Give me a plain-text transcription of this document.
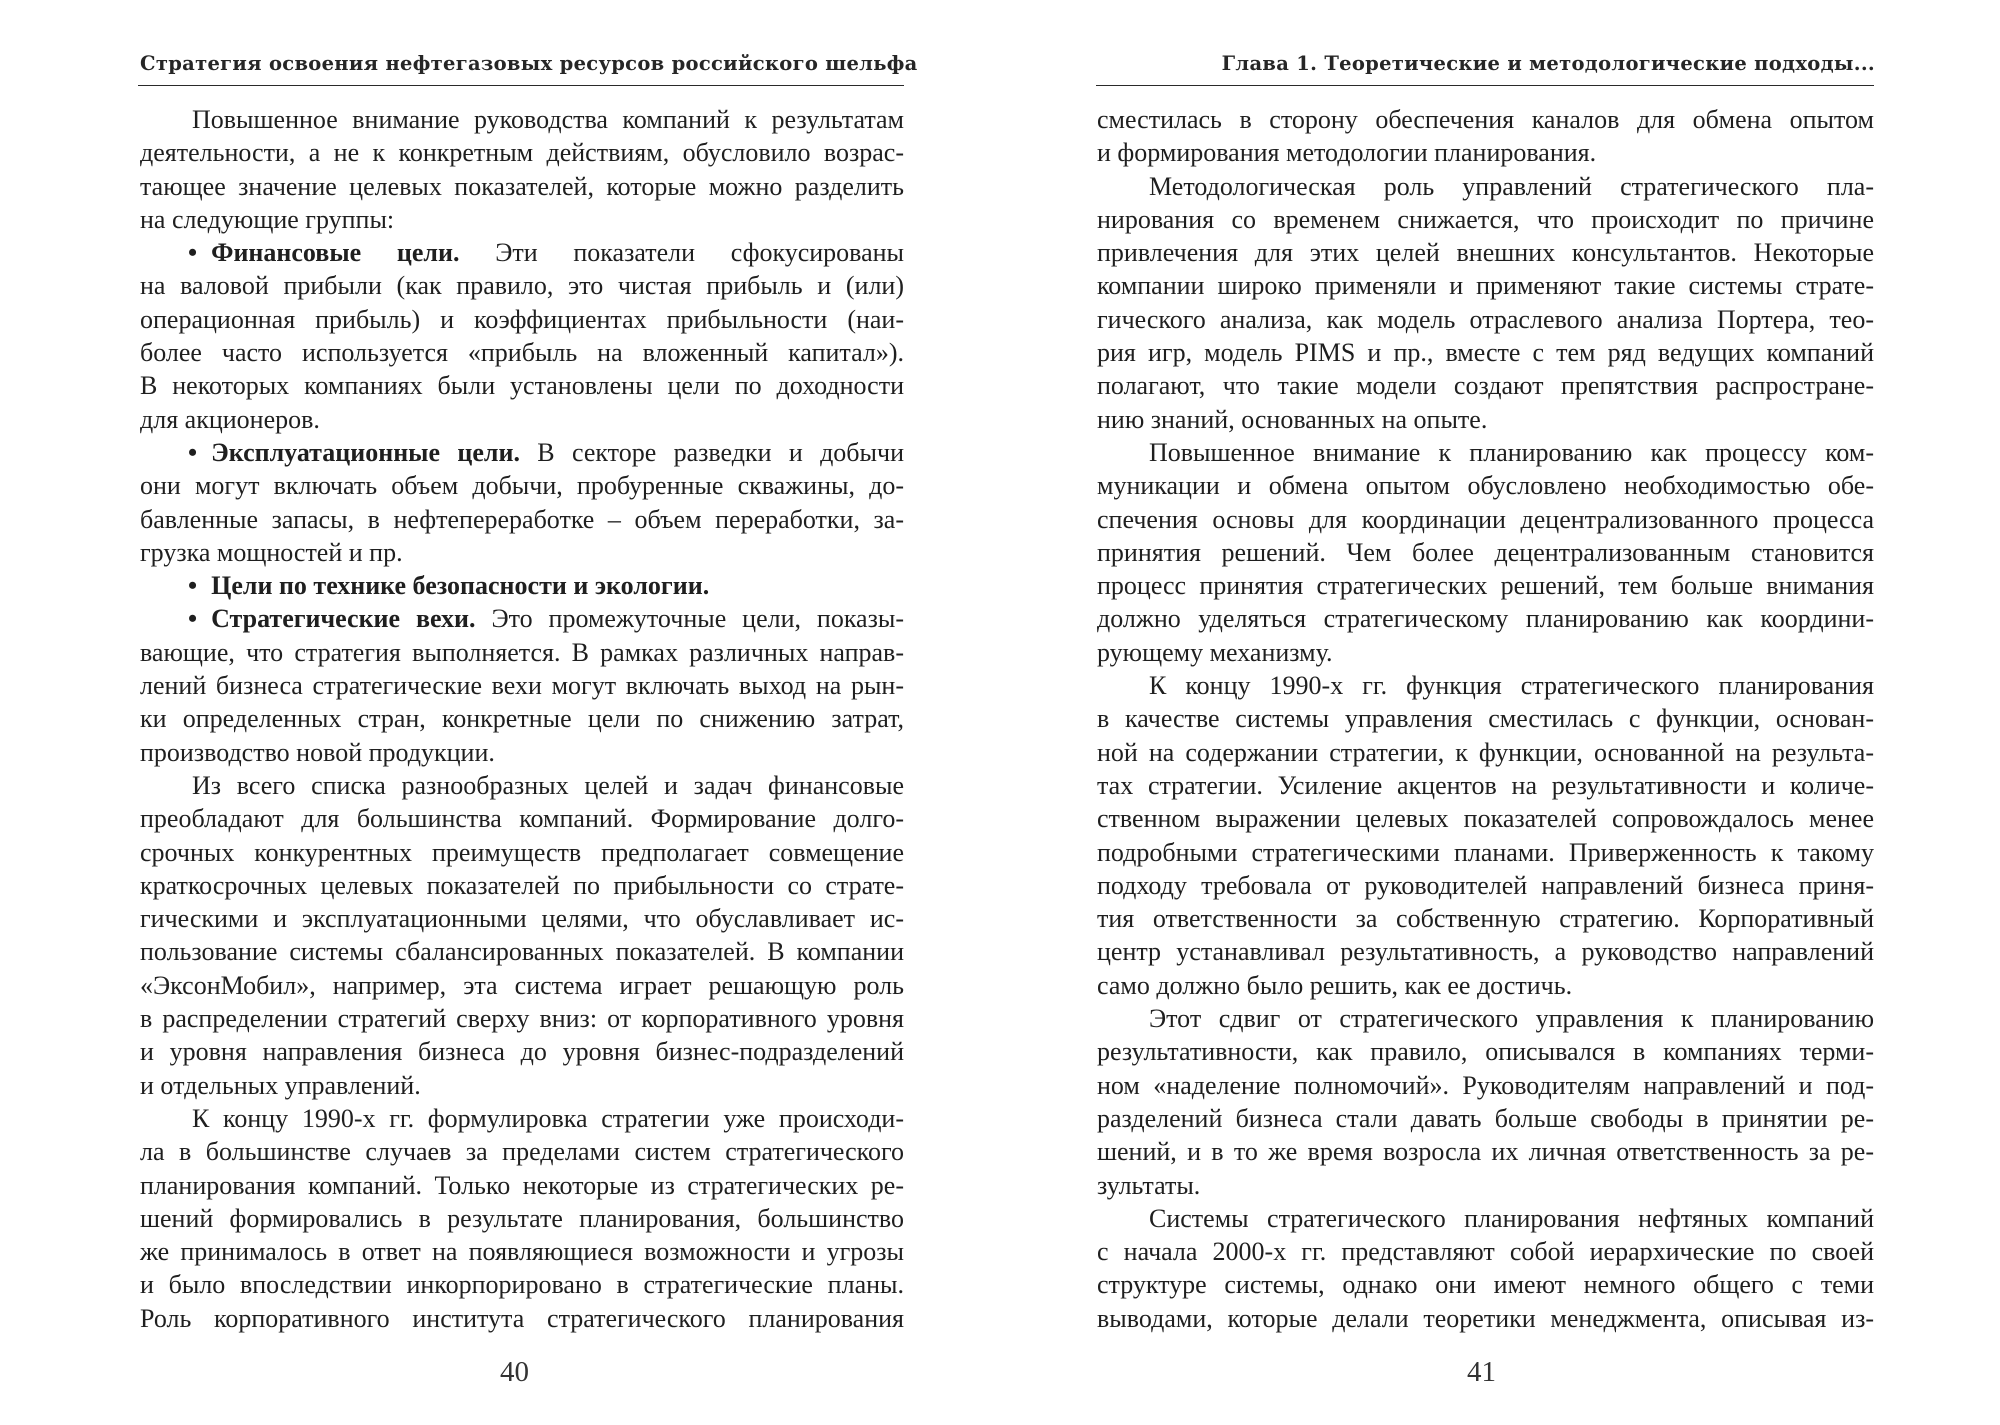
Стратегия освоения нефтегазовых ресурсов российского шельфа
Повышенное внимание руководства компаний к результатам
деятельности, а не к конкретным действиям, обусловило возрас-
тающее значение целевых показателей, которые можно разделить
на следующие группы:
• Финансовые цели. Эти показатели сфокусированы
на валовой прибыли (как правило, это чистая прибыль и (или)
операционная прибыль) и коэффициентах прибыльности (наи-
более часто используется «прибыль на вложенный капитал»).
В некоторых компаниях были установлены цели по доходности
для акционеров.
• Эксплуатационные цели. В секторе разведки и добычи
они могут включать объем добычи, пробуренные скважины, до-
бавленные запасы, в нефтепереработке – объем переработки, за-
грузка мощностей и пр.
• Цели по технике безопасности и экологии.
• Стратегические вехи. Это промежуточные цели, показы-
вающие, что стратегия выполняется. В рамках различных направ-
лений бизнеса стратегические вехи могут включать выход на рын-
ки определенных стран, конкретные цели по снижению затрат,
производство новой продукции.
Из всего списка разнообразных целей и задач финансовые
преобладают для большинства компаний. Формирование долго-
срочных конкурентных преимуществ предполагает совмещение
краткосрочных целевых показателей по прибыльности со страте-
гическими и эксплуатационными целями, что обуславливает ис-
пользование системы сбалансированных показателей. В компании
«ЭксонМобил», например, эта система играет решающую роль
в распределении стратегий сверху вниз: от корпоративного уровня
и уровня направления бизнеса до уровня бизнес-подразделений
и отдельных управлений.
К концу 1990-х гг. формулировка стратегии уже происходи-
ла в большинстве случаев за пределами систем стратегического
планирования компаний. Только некоторые из стратегических ре-
шений формировались в результате планирования, большинство
же принималось в ответ на появляющиеся возможности и угрозы
и было впоследствии инкорпорировано в стратегические планы.
Роль корпоративного института стратегического планирования
40
Глава 1. Теоретические и методологические подходы...
сместилась в сторону обеспечения каналов для обмена опытом
и формирования методологии планирования.
Методологическая роль управлений стратегического пла-
нирования со временем снижается, что происходит по причине
привлечения для этих целей внешних консультантов. Некоторые
компании широко применяли и применяют такие системы страте-
гического анализа, как модель отраслевого анализа Портера, тео-
рия игр, модель PIMS и пр., вместе с тем ряд ведущих компаний
полагают, что такие модели создают препятствия распростране-
нию знаний, основанных на опыте.
Повышенное внимание к планированию как процессу ком-
муникации и обмена опытом обусловлено необходимостью обе-
спечения основы для координации децентрализованного процесса
принятия решений. Чем более децентрализованным становится
процесс принятия стратегических решений, тем больше внимания
должно уделяться стратегическому планированию как координи-
рующему механизму.
К концу 1990-х гг. функция стратегического планирования
в качестве системы управления сместилась с функции, основан-
ной на содержании стратегии, к функции, основанной на результа-
тах стратегии. Усиление акцентов на результативности и количе-
ственном выражении целевых показателей сопровождалось менее
подробными стратегическими планами. Приверженность к такому
подходу требовала от руководителей направлений бизнеса приня-
тия ответственности за собственную стратегию. Корпоративный
центр устанавливал результативность, а руководство направлений
само должно было решить, как ее достичь.
Этот сдвиг от стратегического управления к планированию
результативности, как правило, описывался в компаниях терми-
ном «наделение полномочий». Руководителям направлений и под-
разделений бизнеса стали давать больше свободы в принятии ре-
шений, и в то же время возросла их личная ответственность за ре-
зультаты.
Системы стратегического планирования нефтяных компаний
с начала 2000-х гг. представляют собой иерархические по своей
структуре системы, однако они имеют немного общего с теми
выводами, которые делали теоретики менеджмента, описывая из-
41
